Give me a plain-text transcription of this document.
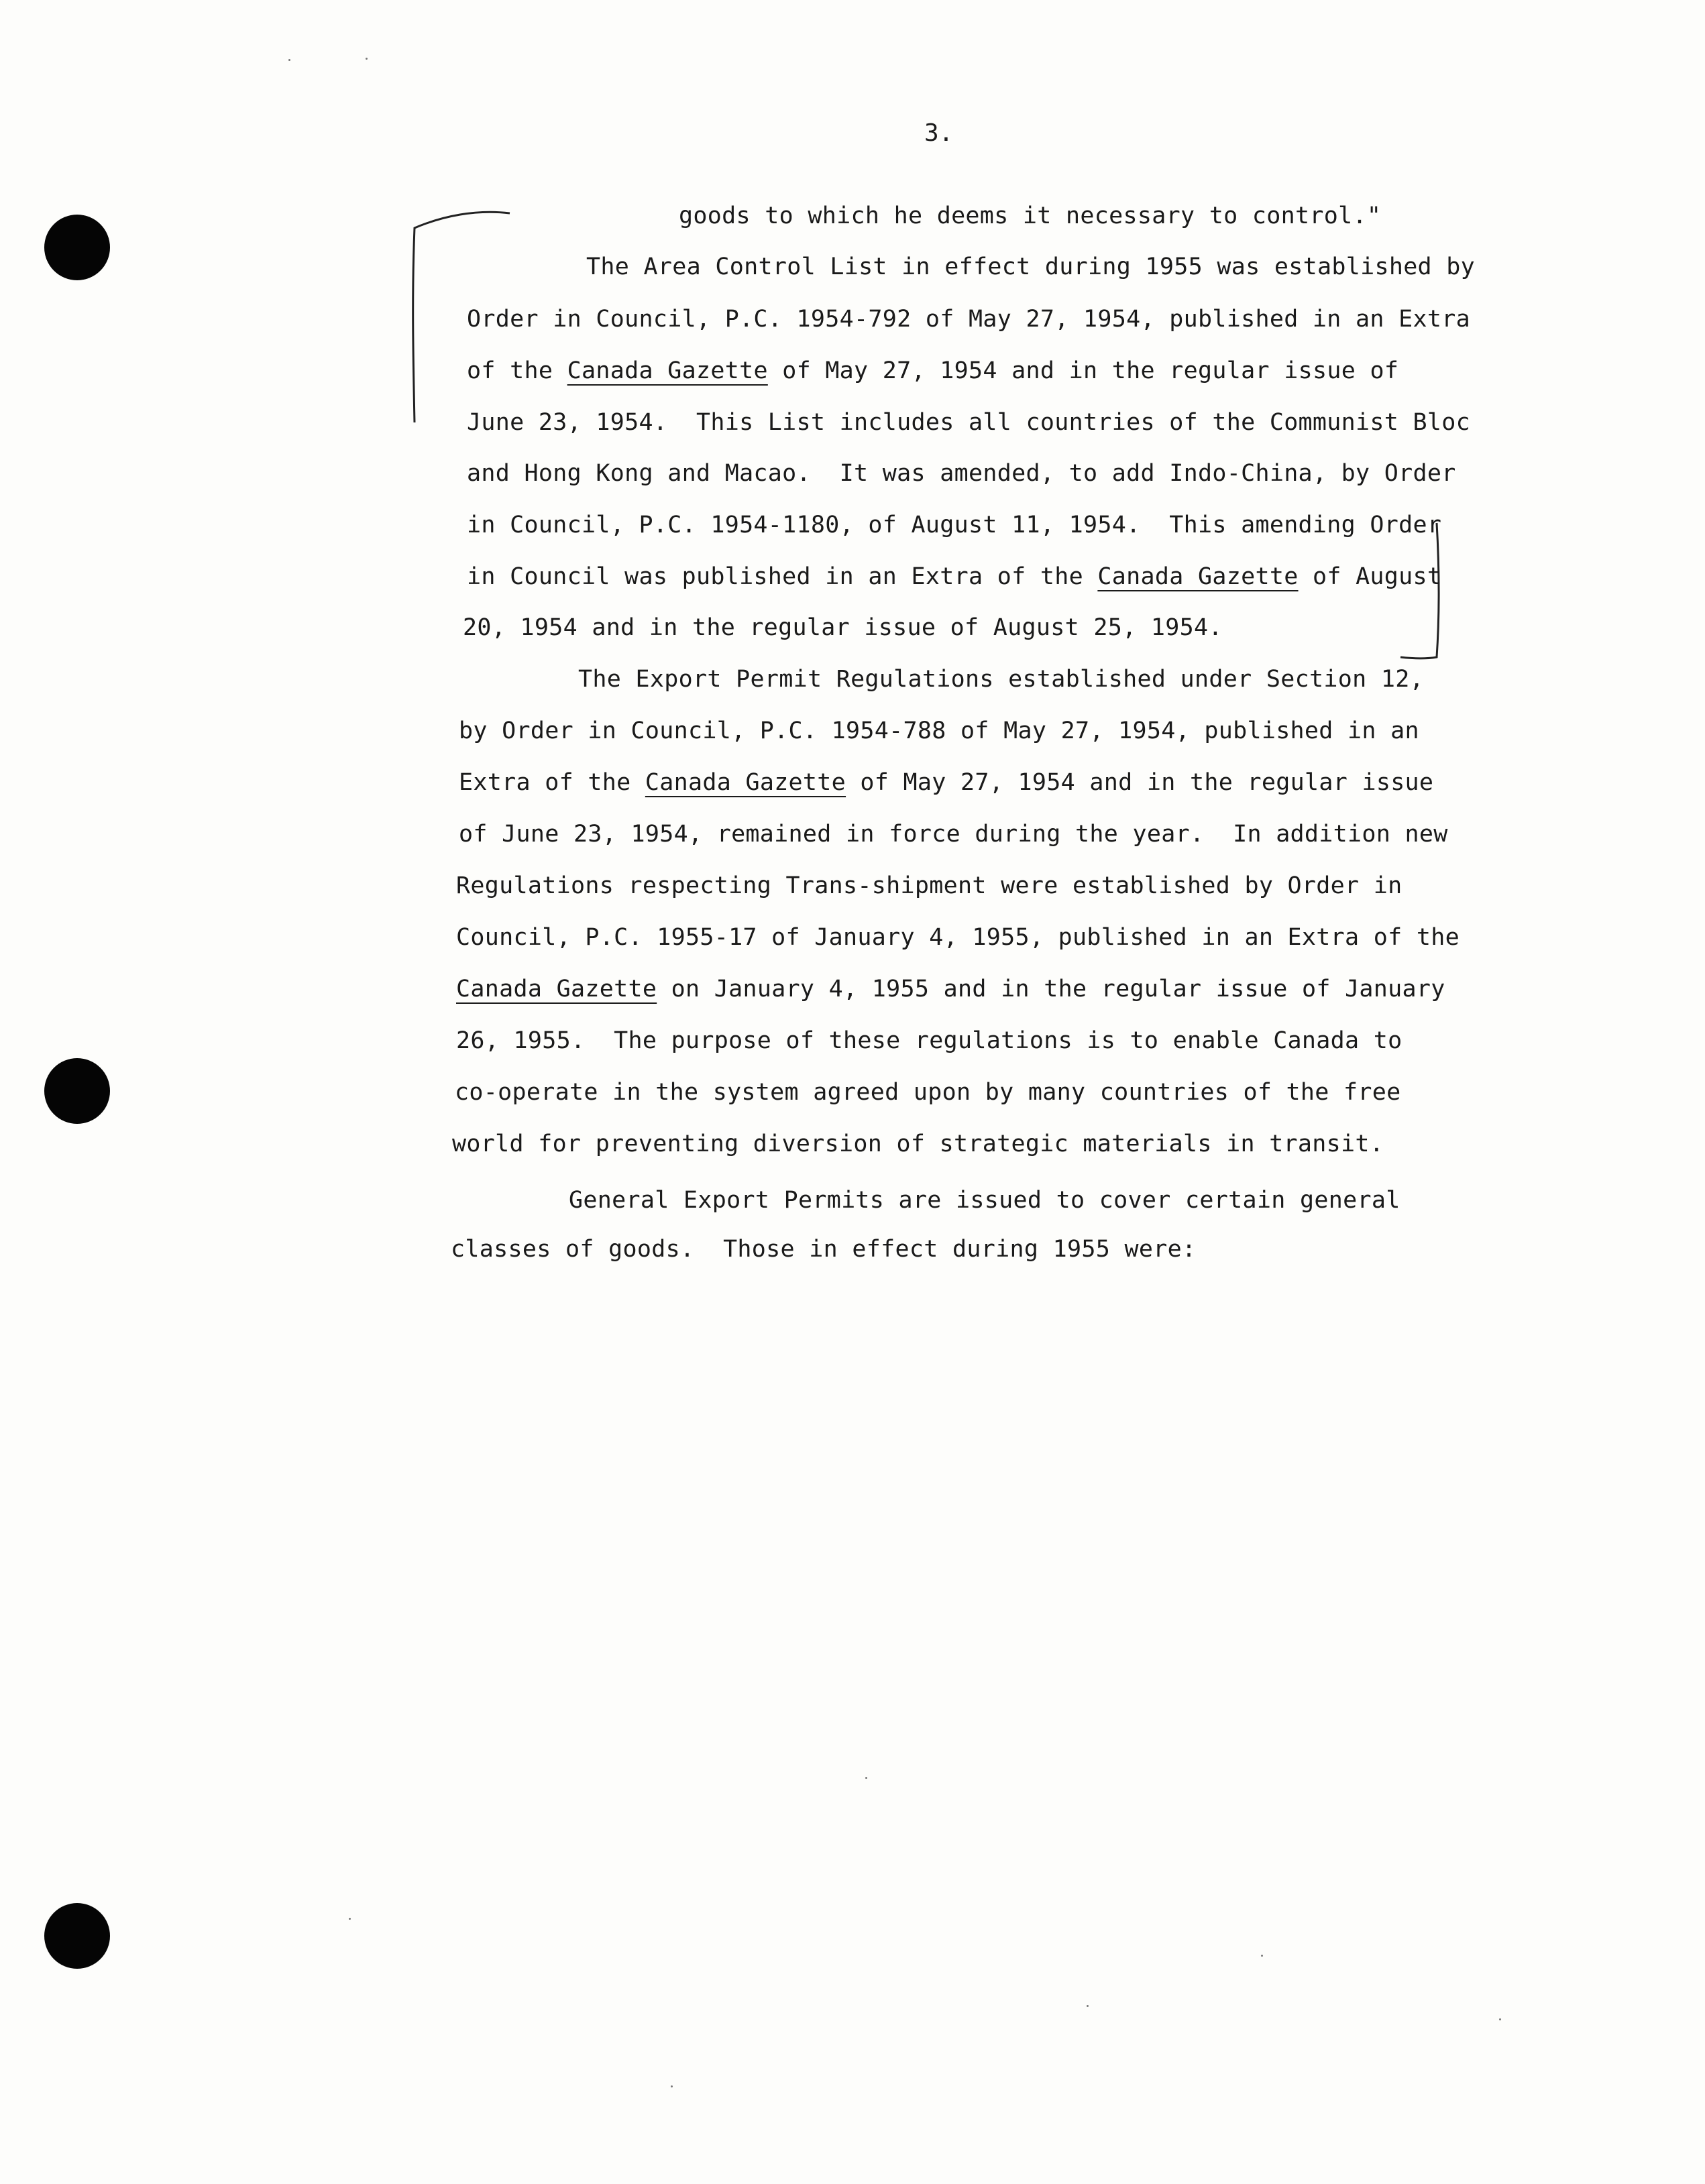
3.
goods to which he deems it necessary to control."
The Area Control List in effect during 1955 was established by
Order in Council, P.C. 1954-792 of May 27, 1954, published in an Extra
of the Canada Gazette of May 27, 1954 and in the regular issue of
June 23, 1954.  This List includes all countries of the Communist Bloc
and Hong Kong and Macao.  It was amended, to add Indo-China, by Order
in Council, P.C. 1954-1180, of August 11, 1954.  This amending Order
in Council was published in an Extra of the Canada Gazette of August
20, 1954 and in the regular issue of August 25, 1954.
The Export Permit Regulations established under Section 12,
by Order in Council, P.C. 1954-788 of May 27, 1954, published in an
Extra of the Canada Gazette of May 27, 1954 and in the regular issue
of June 23, 1954, remained in force during the year.  In addition new
Regulations respecting Trans-shipment were established by Order in
Council, P.C. 1955-17 of January 4, 1955, published in an Extra of the
Canada Gazette on January 4, 1955 and in the regular issue of January
26, 1955.  The purpose of these regulations is to enable Canada to
co-operate in the system agreed upon by many countries of the free
world for preventing diversion of strategic materials in transit.
General Export Permits are issued to cover certain general
classes of goods.  Those in effect during 1955 were:
